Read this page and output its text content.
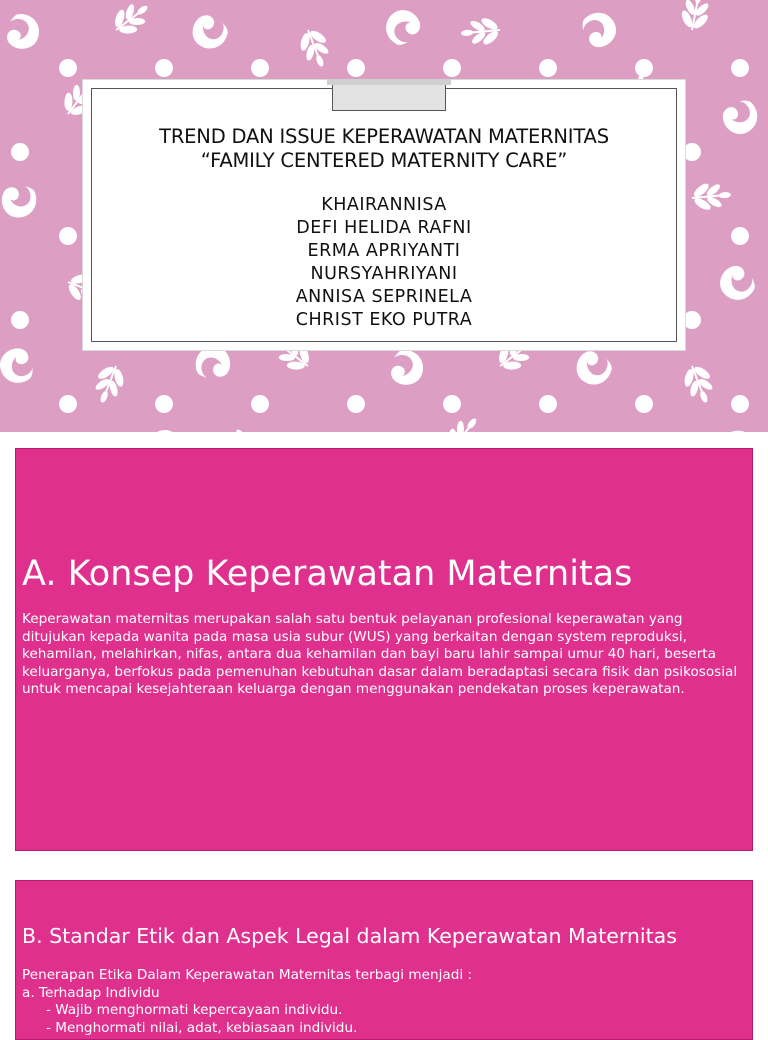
TREND DAN ISSUE KEPERAWATAN MATERNITAS
“FAMILY CENTERED MATERNITY CARE”
KHAIRANNISA
DEFI HELIDA RAFNI
ERMA APRIYANTI
NURSYAHRIYANI
ANNISA SEPRINELA
CHRIST EKO PUTRA
A. Konsep Keperawatan Maternitas

Keperawatan maternitas merupakan salah satu bentuk pelayanan profesional keperawatan yang ditujukan kepada wanita pada masa usia subur (WUS) yang berkaitan dengan system reproduksi, kehamilan, melahirkan, nifas, antara dua kehamilan dan bayi baru lahir sampai umur 40 hari, beserta keluarganya, berfokus pada pemenuhan kebutuhan dasar dalam beradaptasi secara fisik dan psikososial untuk mencapai kesejahteraan keluarga dengan menggunakan pendekatan proses keperawatan.

B. Standar Etik dan Aspek Legal dalam Keperawatan Maternitas
Penerapan Etika Dalam Keperawatan Maternitas terbagi menjadi :
a. Terhadap Individu
- Wajib menghormati kepercayaan individu.
- Menghormati nilai, adat, kebiasaan individu.
